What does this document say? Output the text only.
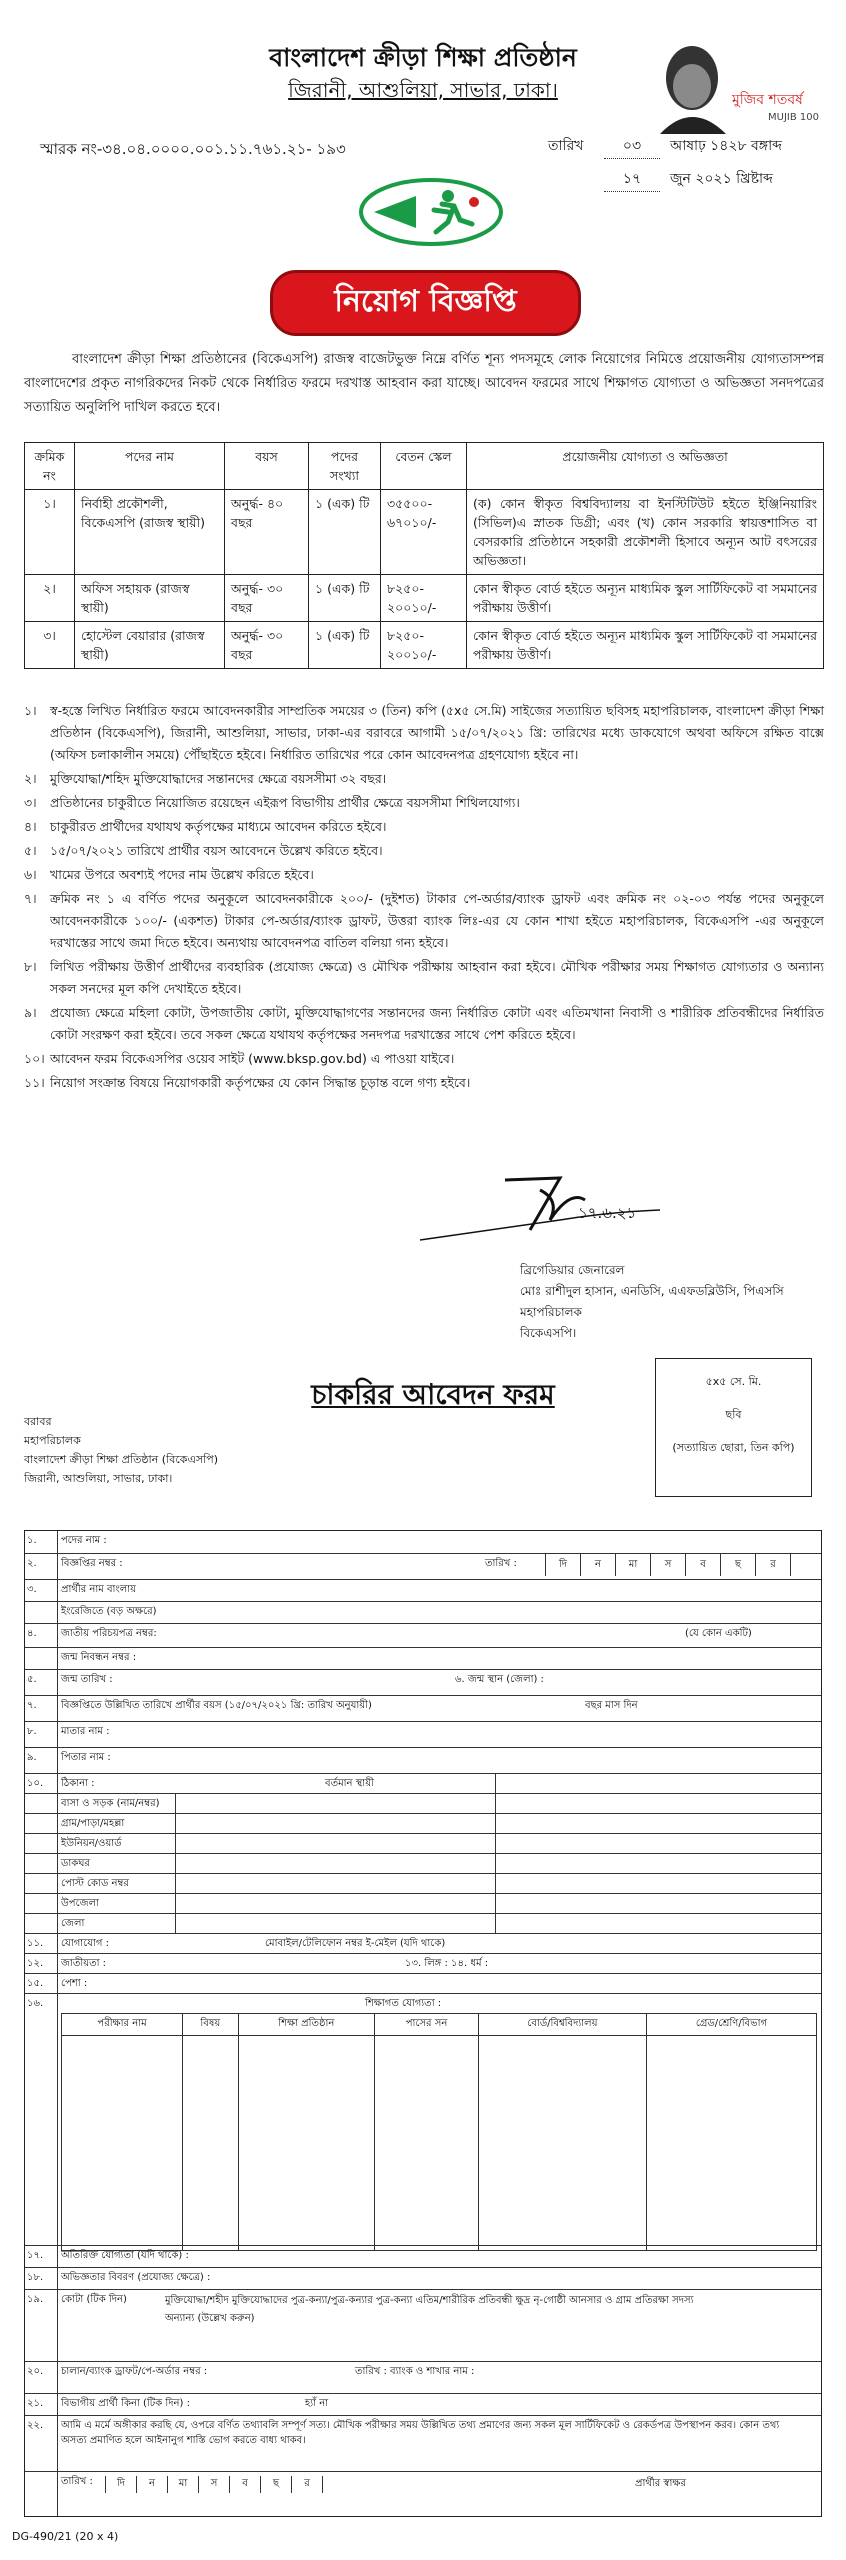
বাংলাদেশ ক্রীড়া শিক্ষা প্রতিষ্ঠান
জিরানী, আশুলিয়া, সাভার, ঢাকা।	মুজিব শতবর্ষ
MUJIB 100
স্মারক নং-৩৪.০৪.০০০০.০০১.১১.৭৬১.২১- ১৯৩	তারিখ	০৩	আষাঢ় ১৪২৮ বঙ্গাব্দ
১৭	জুন ২০২১ খ্রিষ্টাব্দ
নিয়োগ বিজ্ঞপ্তি
বাংলাদেশ ক্রীড়া শিক্ষা প্রতিষ্ঠানের (বিকেএসপি) রাজস্ব বাজেটভুক্ত নিম্নে বর্ণিত শূন্য পদসমূহে লোক নিয়োগের নিমিত্তে প্রয়োজনীয় যোগ্যতাসম্পন্ন বাংলাদেশের প্রকৃত নাগরিকদের নিকট থেকে নির্ধারিত ফরমে দরখাস্ত আহবান করা যাচ্ছে। আবেদন ফরমের সাথে শিক্ষাগত যোগ্যতা ও অভিজ্ঞতা সনদপত্রের সত্যায়িত অনুলিপি দাখিল করতে হবে।
ক্রমিক নং	পদের নাম	বয়স	পদের সংখ্যা	বেতন স্কেল	প্রয়োজনীয় যোগ্যতা ও অভিজ্ঞতা
১।	নির্বাহী প্রকৌশলী, বিকেএসপি (রাজস্ব স্থায়ী)	অনুর্দ্ধ- ৪০ বছর	১ (এক) টি	৩৫৫০০- ৬৭০১০/-	(ক) কোন স্বীকৃত বিশ্ববিদ্যালয় বা ইনস্টিটিউট হইতে ইঞ্জিনিয়ারিং (সিভিল)এ স্নাতক ডিগ্রী; এবং (খ) কোন সরকারি স্বায়ত্তশাসিত বা বেসরকারি প্রতিষ্ঠানে সহকারী প্রকৌশলী হিসাবে অন্যূন আট বৎসরের অভিজ্ঞতা।
২।	অফিস সহায়ক (রাজস্ব স্থায়ী)	অনুর্দ্ধ- ৩০ বছর	১ (এক) টি	৮২৫০- ২০০১০/-	কোন স্বীকৃত বোর্ড হইতে অন্যূন মাধ্যমিক স্কুল সার্টিফিকেট বা সমমানের পরীক্ষায় উত্তীর্ণ।
৩।	হোস্টেল বেয়ারার (রাজস্ব স্থায়ী)	অনুর্দ্ধ- ৩০ বছর	১ (এক) টি	৮২৫০- ২০০১০/-	কোন স্বীকৃত বোর্ড হইতে অন্যূন মাধ্যমিক স্কুল সার্টিফিকেট বা সমমানের পরীক্ষায় উত্তীর্ণ।
১।	স্ব-হস্তে লিখিত নির্ধারিত ফরমে আবেদনকারীর সাম্প্রতিক সময়ের ৩ (তিন) কপি (৫x৫ সে.মি) সাইজের সত্যায়িত ছবিসহ মহাপরিচালক, বাংলাদেশ ক্রীড়া শিক্ষা প্রতিষ্ঠান (বিকেএসপি), জিরানী, আশুলিয়া, সাভার, ঢাকা-এর বরাবরে আগামী ১৫/০৭/২০২১ খ্রি: তারিখের মধ্যে ডাকযোগে অথবা অফিসে রক্ষিত বাক্সে (অফিস চলাকালীন সময়ে) পৌঁছাইতে হইবে। নির্ধারিত তারিখের পরে কোন আবেদনপত্র গ্রহণযোগ্য হইবে না।
২।	মুক্তিযোদ্ধা/শহিদ মুক্তিযোদ্ধাদের সন্তানদের ক্ষেত্রে বয়সসীমা ৩২ বছর।
৩।	প্রতিষ্ঠানের চাকুরীতে নিয়োজিত রয়েছেন এইরূপ বিভাগীয় প্রার্থীর ক্ষেত্রে বয়সসীমা শিথিলযোগ্য।
৪।	চাকুরীরত প্রার্থীদের যথাযথ কর্তৃপক্ষের মাধ্যমে আবেদন করিতে হইবে।
৫।	১৫/০৭/২০২১ তারিখে প্রার্থীর বয়স আবেদনে উল্লেখ করিতে হইবে।
৬।	খামের উপরে অবশ্যই পদের নাম উল্লেখ করিতে হইবে।
৭।	ক্রমিক নং ১ এ বর্ণিত পদের অনুকূলে আবেদনকারীকে ২০০/- (দুইশত) টাকার পে-অর্ডার/ব্যাংক ড্রাফট এবং ক্রমিক নং ০২-০৩ পর্যন্ত পদের অনুকূলে আবেদনকারীকে ১০০/- (একশত) টাকার পে-অর্ডার/ব্যাংক ড্রাফট, উত্তরা ব্যাংক লিঃ-এর যে কোন শাখা হইতে মহাপরিচালক, বিকেএসপি -এর অনুকূলে দরখাস্তের সাথে জমা দিতে হইবে। অন্যথায় আবেদনপত্র বাতিল বলিয়া গন্য হইবে।
৮।	লিখিত পরীক্ষায় উত্তীর্ণ প্রার্থীদের ব্যবহারিক (প্রযোজ্য ক্ষেত্রে) ও মৌখিক পরীক্ষায় আহবান করা হইবে। মৌখিক পরীক্ষার সময় শিক্ষাগত যোগ্যতার ও অন্যান্য সকল সনদের মূল কপি দেখাইতে হইবে।
৯।	প্রযোজ্য ক্ষেত্রে মহিলা কোটা, উপজাতীয় কোটা, মুক্তিযোদ্ধাগণের সন্তানদের জন্য নির্ধারিত কোটা এবং এতিমখানা নিবাসী ও শারীরিক প্রতিবন্ধীদের নির্ধারিত কোটা সংরক্ষণ করা হইবে। তবে সকল ক্ষেত্রে যথাযথ কর্তৃপক্ষের সনদপত্র দরখাস্তের সাথে পেশ করিতে হইবে।
১০। আবেদন ফরম বিকেএসপির ওয়েব সাইট (www.bksp.gov.bd) এ পাওয়া যাইবে।
১১। নিয়োগ সংক্রান্ত বিষয়ে নিয়োগকারী কর্তৃপক্ষের যে কোন সিদ্ধান্ত চূড়ান্ত বলে গণ্য হইবে।
১৭.৬.২১
ব্রিগেডিয়ার জেনারেল
মোঃ রাশীদুল হাসান, এনডিসি, এএফডব্লিউসি, পিএসসি
মহাপরিচালক
বিকেএসপি।
চাকরির আবেদন ফরম	৫x৫ সে. মি.
ছবি
(সত্যায়িত ছোরা, তিন কপি)
বরাবর
মহাপরিচালক
বাংলাদেশ ক্রীড়া শিক্ষা প্রতিষ্ঠান (বিকেএসপি)
জিরানী, আশুলিয়া, সাভার, ঢাকা।
১.	পদের নাম :
২.	বিজ্ঞপ্তির নম্বর :	তারিখ :	দি	ন	মা	স	ব	ছ	র
৩.	প্রার্থীর নাম বাংলায়
ইংরেজিতে (বড় অক্ষরে)
৪.	জাতীয় পরিচয়পত্র নম্বর:	(যে কোন একটি)
জন্ম নিবন্ধন নম্বর :
৫.	জন্ম তারিখ :	৬. জন্ম স্থান (জেলা) :
৭.	বিজ্ঞপ্তিতে উল্লিখিত তারিখে প্রার্থীর বয়স (১৫/০৭/২০২১ খ্রি: তারিখ অনুযায়ী)	বছর মাস দিন
৮.	মাতার নাম :
৯.	পিতার নাম :
১০.	ঠিকানা :	বর্তমান স্থায়ী
বাসা ও সড়ক (নাম/নম্বর)
গ্রাম/পাড়া/মহল্লা
ইউনিয়ন/ওয়ার্ড
ডাকঘর
পোস্ট কোড নম্বর
উপজেলা
জেলা
১১.	যোগাযোগ :	মোবাইল/টেলিফোন নম্বর ই-মেইল (যদি থাকে)
১২.	জাতীয়তা :	১৩. লিঙ্গ : ১৪. ধর্ম :
১৫.	পেশা :
১৬.	শিক্ষাগত যোগ্যতা :
পরীক্ষার নাম	বিষয়	শিক্ষা প্রতিষ্ঠান	পাসের সন	বোর্ড/বিশ্ববিদ্যালয়	গ্রেড/শ্রেণি/বিভাগ

১৭.	অতিরিক্ত যোগ্যতা (যদি থাকে) :
১৮.	অভিজ্ঞতার বিবরণ (প্রযোজ্য ক্ষেত্রে) :
১৯.	কোটা (টিক দিন)	মুক্তিযোদ্ধা/শহীদ মুক্তিযোদ্ধাদের পুত্র-কন্যা/পুত্র-কন্যার পুত্র-কন্যা এতিম/শারীরিক প্রতিবন্ধী ক্ষুদ্র নৃ-গোষ্ঠী আনসার ও গ্রাম প্রতিরক্ষা সদস্য অন্যান্য (উল্লেখ করুন)
২০.	চালান/ব্যাংক ড্রাফট/পে-অর্ডার নম্বর :	তারিখ : ব্যাংক ও শাখার নাম :
২১.	বিভাগীয় প্রার্থী কিনা (টিক দিন) :	হ্যাঁ না
২২.	আমি এ মর্মে অঙ্গীকার করছি যে, ওপরে বর্ণিত তথ্যাবলি সম্পূর্ণ সত্য। মৌখিক পরীক্ষার সময় উল্লিখিত তথ্য প্রমাণের জন্য সকল মূল সার্টিফিকেট ও রেকর্ডপত্র উপস্থাপন করব। কোন তথ্য অসত্য প্রমাণিত হলে আইনানুগ শাস্তি ভোগ করতে বাধ্য থাকব।
তারিখ :	দি	ন	মা	স	ব	ছ	র	প্রার্থীর স্বাক্ষর
DG-490/21 (20 x 4)
